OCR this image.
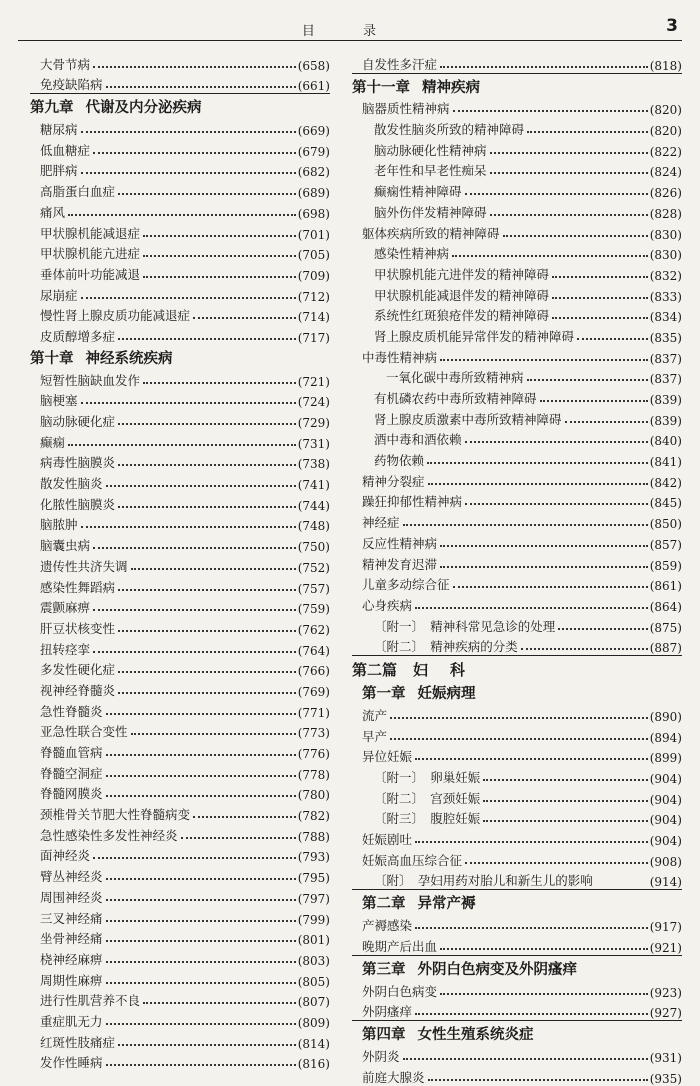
目 录	3
大骨节病	(658)
免疫缺陷病	(661)
第九章 代谢及内分泌疾病
糖尿病	(669)
低血糖症	(679)
肥胖病	(682)
高脂蛋白血症	(689)
痛风	(698)
甲状腺机能减退症	(701)
甲状腺机能亢进症	(705)
垂体前叶功能减退	(709)
尿崩症	(712)
慢性肾上腺皮质功能减退症	(714)
皮质醇增多症	(717)
第十章 神经系统疾病
短暂性脑缺血发作	(721)
脑梗塞	(724)
脑动脉硬化症	(729)
癫痫	(731)
病毒性脑膜炎	(738)
散发性脑炎	(741)
化脓性脑膜炎	(744)
脑脓肿	(748)
脑囊虫病	(750)
遗传性共济失调	(752)
感染性舞蹈病	(757)
震颤麻痹	(759)
肝豆状核变性	(762)
扭转痉挛	(764)
多发性硬化症	(766)
视神经脊髓炎	(769)
急性脊髓炎	(771)
亚急性联合变性	(773)
脊髓血管病	(776)
脊髓空洞症	(778)
脊髓网膜炎	(780)
颈椎骨关节肥大性脊髓病变	(782)
急性感染性多发性神经炎	(788)
面神经炎	(793)
臂丛神经炎	(795)
周围神经炎	(797)
三叉神经痛	(799)
坐骨神经痛	(801)
桡神经麻痹	(803)
周期性麻痹	(805)
进行性肌营养不良	(807)
重症肌无力	(809)
红斑性肢痛症	(814)
发作性睡病	(816)
自发性多汗症	(818)
第十一章 精神疾病
脑器质性精神病	(820)
散发性脑炎所致的精神障碍	(820)
脑动脉硬化性精神病	(822)
老年性和早老性痴呆	(824)
癫痫性精神障碍	(826)
脑外伤伴发精神障碍	(828)
躯体疾病所致的精神障碍	(830)
感染性精神病	(830)
甲状腺机能亢进伴发的精神障碍	(832)
甲状腺机能减退伴发的精神障碍	(833)
系统性红斑狼疮伴发的精神障碍	(834)
肾上腺皮质机能异常伴发的精神障碍	(835)
中毒性精神病	(837)
一氧化碳中毒所致精神病	(837)
有机磷农药中毒所致精神障碍	(839)
肾上腺皮质激素中毒所致精神障碍	(839)
酒中毒和酒依赖	(840)
药物依赖	(841)
精神分裂症	(842)
躁狂抑郁性精神病	(845)
神经症	(850)
反应性精神病	(857)
精神发育迟滞	(859)
儿童多动综合征	(861)
心身疾病	(864)
〔附一〕　精神科常见急诊的处理	(875)
〔附二〕　精神疾病的分类	(887)
第二篇 妇科
第一章 妊娠病理
流产	(890)
早产	(894)
异位妊娠	(899)
〔附一〕　卵巢妊娠	(904)
〔附二〕　宫颈妊娠	(904)
〔附三〕　腹腔妊娠	(904)
妊娠剧吐	(904)
妊娠高血压综合征	(908)
〔附〕　孕妇用药对胎儿和新生儿的影响	(914)
第二章 异常产褥
产褥感染	(917)
晚期产后出血	(921)
第三章 外阴白色病变及外阴瘙痒
外阴白色病变	(923)
外阴瘙痒	(927)
第四章 女性生殖系统炎症
外阴炎	(931)
前庭大腺炎	(935)
